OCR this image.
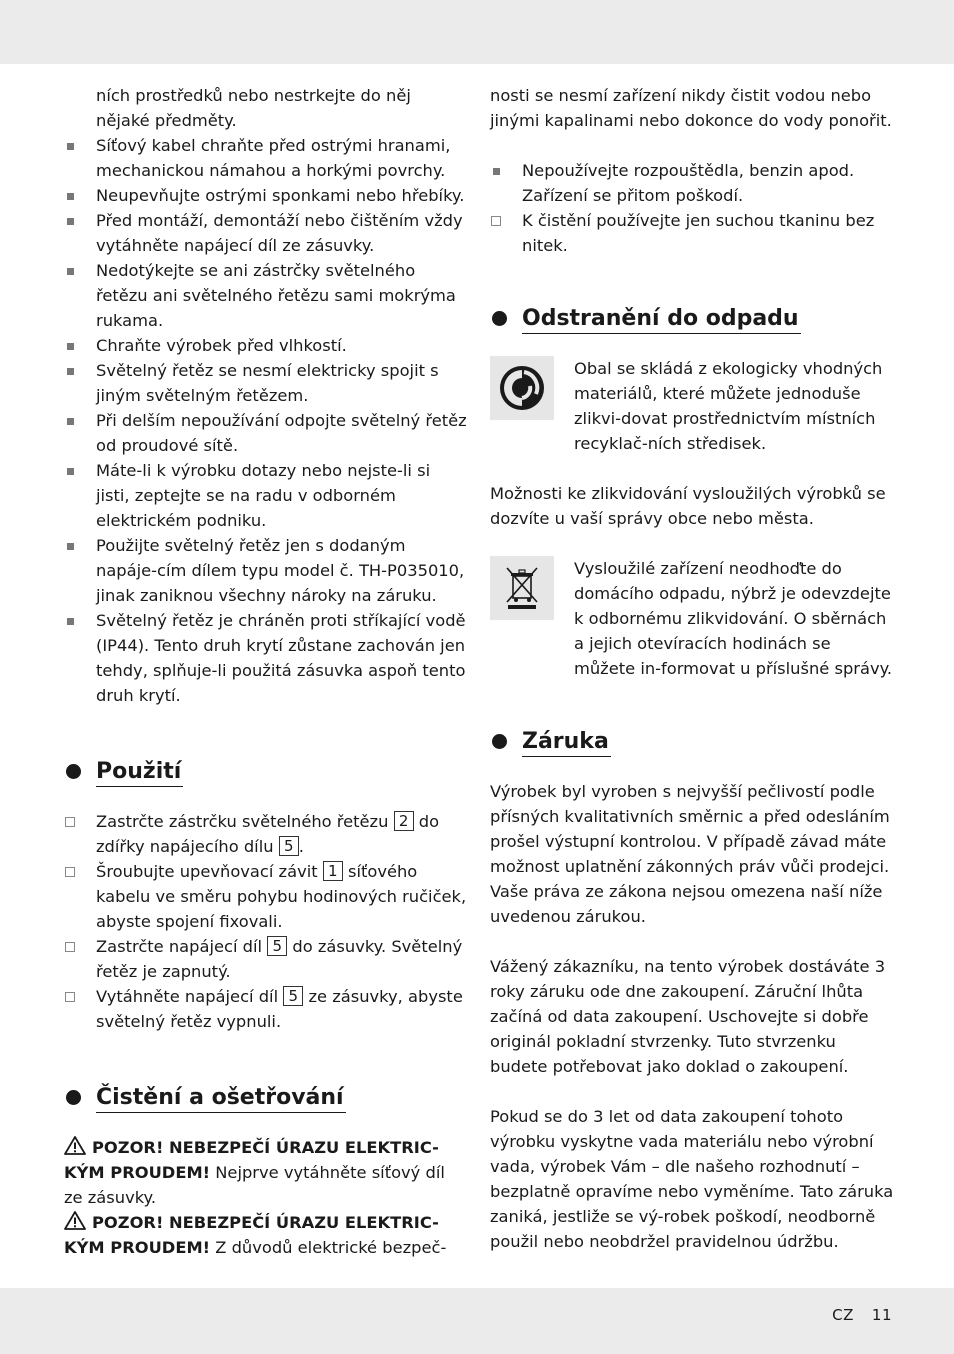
ních prostředků nebo nestrkejte do něj nějaké předměty.

Síťový kabel chraňte před ostrými hranami, mechanickou námahou a horkými povrchy.
Neupevňujte ostrými sponkami nebo hřebíky.
Před montáží, demontáží nebo čištěním vždy vytáhněte napájecí díl ze zásuvky.
Nedotýkejte se ani zástrčky světelného řetězu ani světelného řetězu sami mokrýma rukama.
Chraňte výrobek před vlhkostí.
Světelný řetěz se nesmí elektricky spojit s jiným světelným řetězem.
Při delším nepoužívání odpojte světelný řetěz od proudové sítě.
Máte-li k výrobku dotazy nebo nejste-li si jisti, zeptejte se na radu v odborném elektrickém podniku.
Použijte světelný řetěz jen s dodaným napáje-cím dílem typu model č. TH-P035010, jinak zaniknou všechny nároky na záruku.
Světelný řetěz je chráněn proti stříkající vodě (IP44). Tento druh krytí zůstane zachován jen tehdy, splňuje-li použitá zásuvka aspoň tento druh krytí.
Použití
Zastrčte zástrčku světelného řetězu 2 do zdířky napájecího dílu 5 .
Šroubujte upevňovací závit 1 síťového kabelu ve směru pohybu hodinových ručiček, abyste spojení fixovali.
Zastrčte napájecí díl 5 do zásuvky. Světelný řetěz je zapnutý.
Vytáhněte napájecí díl 5 ze zásuvky, abyste světelný řetěz vypnuli.
Čistění a ošetřování

POZOR! NEBEZPEČÍ ÚRAZU ELEKTRIC-KÝM PROUDEM! Nejprve vytáhněte síťový díl ze zásuvky.

POZOR! NEBEZPEČÍ ÚRAZU ELEKTRIC-KÝM PROUDEM! Z důvodů elektrické bezpeč-

nosti se nesmí zařízení nikdy čistit vodou nebo jinými kapalinami nebo dokonce do vody ponořit.

Nepoužívejte rozpouštědla, benzin apod. Zařízení se přitom poškodí.
K čistění používejte jen suchou tkaninu bez nitek.
Odstranění do odpadu

Obal se skládá z ekologicky vhodných materiálů, které můžete jednoduše zlikvi-dovat prostřednictvím místních recyklač-ních středisek.

Možnosti ke zlikvidování vysloužilých výrobků se dozvíte u vaší správy obce nebo města.

Vysloužilé zařízení neodhoďte do domácího odpadu, nýbrž je odevzdejte k odbornému zlikvidování. O sběrnách a jejich otevíracích hodinách se můžete in-formovat u příslušné správy.

Záruka

Výrobek byl vyroben s nejvyšší pečlivostí podle přísných kvalitativních směrnic a před odesláním prošel výstupní kontrolou. V případě závad máte možnost uplatnění zákonných práv vůči prodejci. Vaše práva ze zákona nejsou omezena naší níže uvedenou zárukou.

Vážený zákazníku, na tento výrobek dostáváte 3 roky záruku ode dne zakoupení. Záruční lhůta začíná od data zakoupení. Uschovejte si dobře originál pokladní stvrzenky. Tuto stvrzenku budete potřebovat jako doklad o zakoupení.

Pokud se do 3 let od data zakoupení tohoto výrobku vyskytne vada materiálu nebo výrobní vada, výrobek Vám – dle našeho rozhodnutí – bezplatně opravíme nebo vyměníme. Tato záruka zaniká, jestliže se vý-robek poškodí, neodborně použil nebo neobdržel pravidelnou údržbu.

CZ 11
